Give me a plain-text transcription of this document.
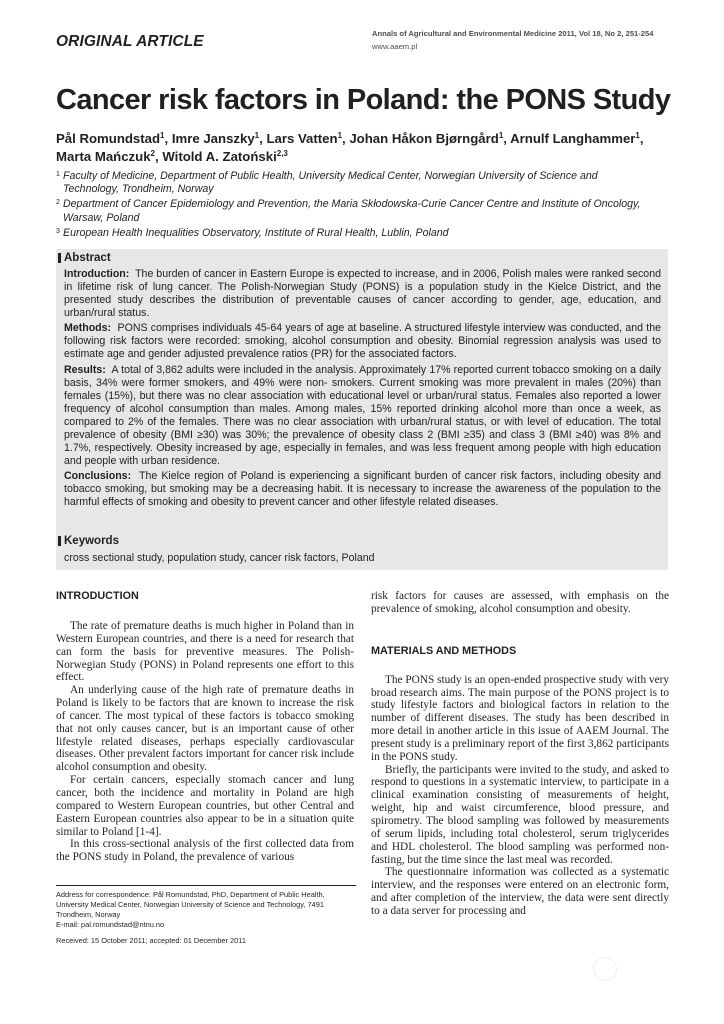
ORIGINAL ARTICLE	Annals of Agricultural and Environmental Medicine 2011, Vol 18, No 2, 251-254
www.aaem.pl
Cancer risk factors in Poland: the PONS Study

Pål Romundstad$^1$, Imre Janszky$^1$, Lars Vatten$^1$, Johan Håkon Bjørngård$^1$, Arnulf Langhammer$^1$,
Marta Mańczuk$^2$, Witold A. Zatoński$^{2,3}$

1 Faculty of Medicine, Department of Public Health, University Medical Center, Norwegian University of Science and Technology, Trondheim, Norway
2 Department of Cancer Epidemiology and Prevention, the Maria Skłodowska-Curie Cancer Centre and Institute of Oncology, Warsaw, Poland
3 European Health Inequalities Observatory, Institute of Rural Health, Lublin, Poland
Abstract

Introduction: The burden of cancer in Eastern Europe is expected to increase, and in 2006, Polish males were ranked second in lifetime risk of lung cancer. The Polish-Norwegian Study (PONS) is a population study in the Kielce District, and the presented study describes the distribution of preventable causes of cancer according to gender, age, education, and urban/rural status.

Methods: PONS comprises individuals 45-64 years of age at baseline. A structured lifestyle interview was conducted, and the following risk factors were recorded: smoking, alcohol consumption and obesity. Binomial regression analysis was used to estimate age and gender adjusted prevalence ratios (PR) for the associated factors.

Results: A total of 3,862 adults were included in the analysis. Approximately 17% reported current tobacco smoking on a daily basis, 34% were former smokers, and 49% were non- smokers. Current smoking was more prevalent in males (20%) than females (15%), but there was no clear association with educational level or urban/rural status. Females also reported a lower frequency of alcohol consumption than males. Among males, 15% reported drinking alcohol more than once a week, as compared to 2% of the females. There was no clear association with urban/rural status, or with level of education. The total prevalence of obesity (BMI ≥30) was 30%; the prevalence of obesity class 2 (BMI ≥35) and class 3 (BMI ≥40) was 8% and 1.7%, respectively. Obesity increased by age, especially in females, and was less frequent among people with high education and people with urban residence.

Conclusions: The Kielce region of Poland is experiencing a significant burden of cancer risk factors, including obesity and tobacco smoking, but smoking may be a decreasing habit. It is necessary to increase the awareness of the population to the harmful effects of smoking and obesity to prevent cancer and other lifestyle related diseases.

Keywords
cross sectional study, population study, cancer risk factors, Poland
INTRODUCTION

The rate of premature deaths is much higher in Poland than in Western European countries, and there is a need for research that can form the basis for preventive measures. The Polish-Norwegian Study (PONS) in Poland represents one effort to this effect.

An underlying cause of the high rate of premature deaths in Poland is likely to be factors that are known to increase the risk of cancer. The most typical of these factors is tobacco smoking that not only causes cancer, but is an important cause of other lifestyle related diseases, perhaps especially cardiovascular diseases. Other prevalent factors important for cancer risk include alcohol consumption and obesity.

For certain cancers, especially stomach cancer and lung cancer, both the incidence and mortality in Poland are high compared to Western European countries, but other Central and Eastern European countries also appear to be in a situation quite similar to Poland [1-4].

In this cross-sectional analysis of the first collected data from the PONS study in Poland, the prevalence of various

risk factors for causes are assessed, with emphasis on the prevalence of smoking, alcohol consumption and obesity.

MATERIALS AND METHODS

The PONS study is an open-ended prospective study with very broad research aims. The main purpose of the PONS project is to study lifestyle factors and biological factors in relation to the number of different diseases. The study has been described in more detail in another article in this issue of AAEM Journal. The present study is a preliminary report of the first 3,862 participants in the PONS study.

Briefly, the participants were invited to the study, and asked to respond to questions in a systematic interview, to participate in a clinical examination consisting of measurements of height, weight, hip and waist circumference, blood pressure, and spirometry. The blood sampling was followed by measurements of serum lipids, including total cholesterol, serum triglycerides and HDL cholesterol. The blood sampling was performed non-fasting, but the time since the last meal was recorded.

The questionnaire information was collected as a systematic interview, and the responses were entered on an electronic form, and after completion of the interview, the data were sent directly to a data server for processing and

Address for correspondence: Pål Romundstad, PhD, Department of Public Health, University Medical Center, Norwegian University of Science and Technology, 7491 Trondheim, Norway

E-mail: pal.romundstad@ntnu.no

Received: 15 October 2011; accepted: 01 December 2011
